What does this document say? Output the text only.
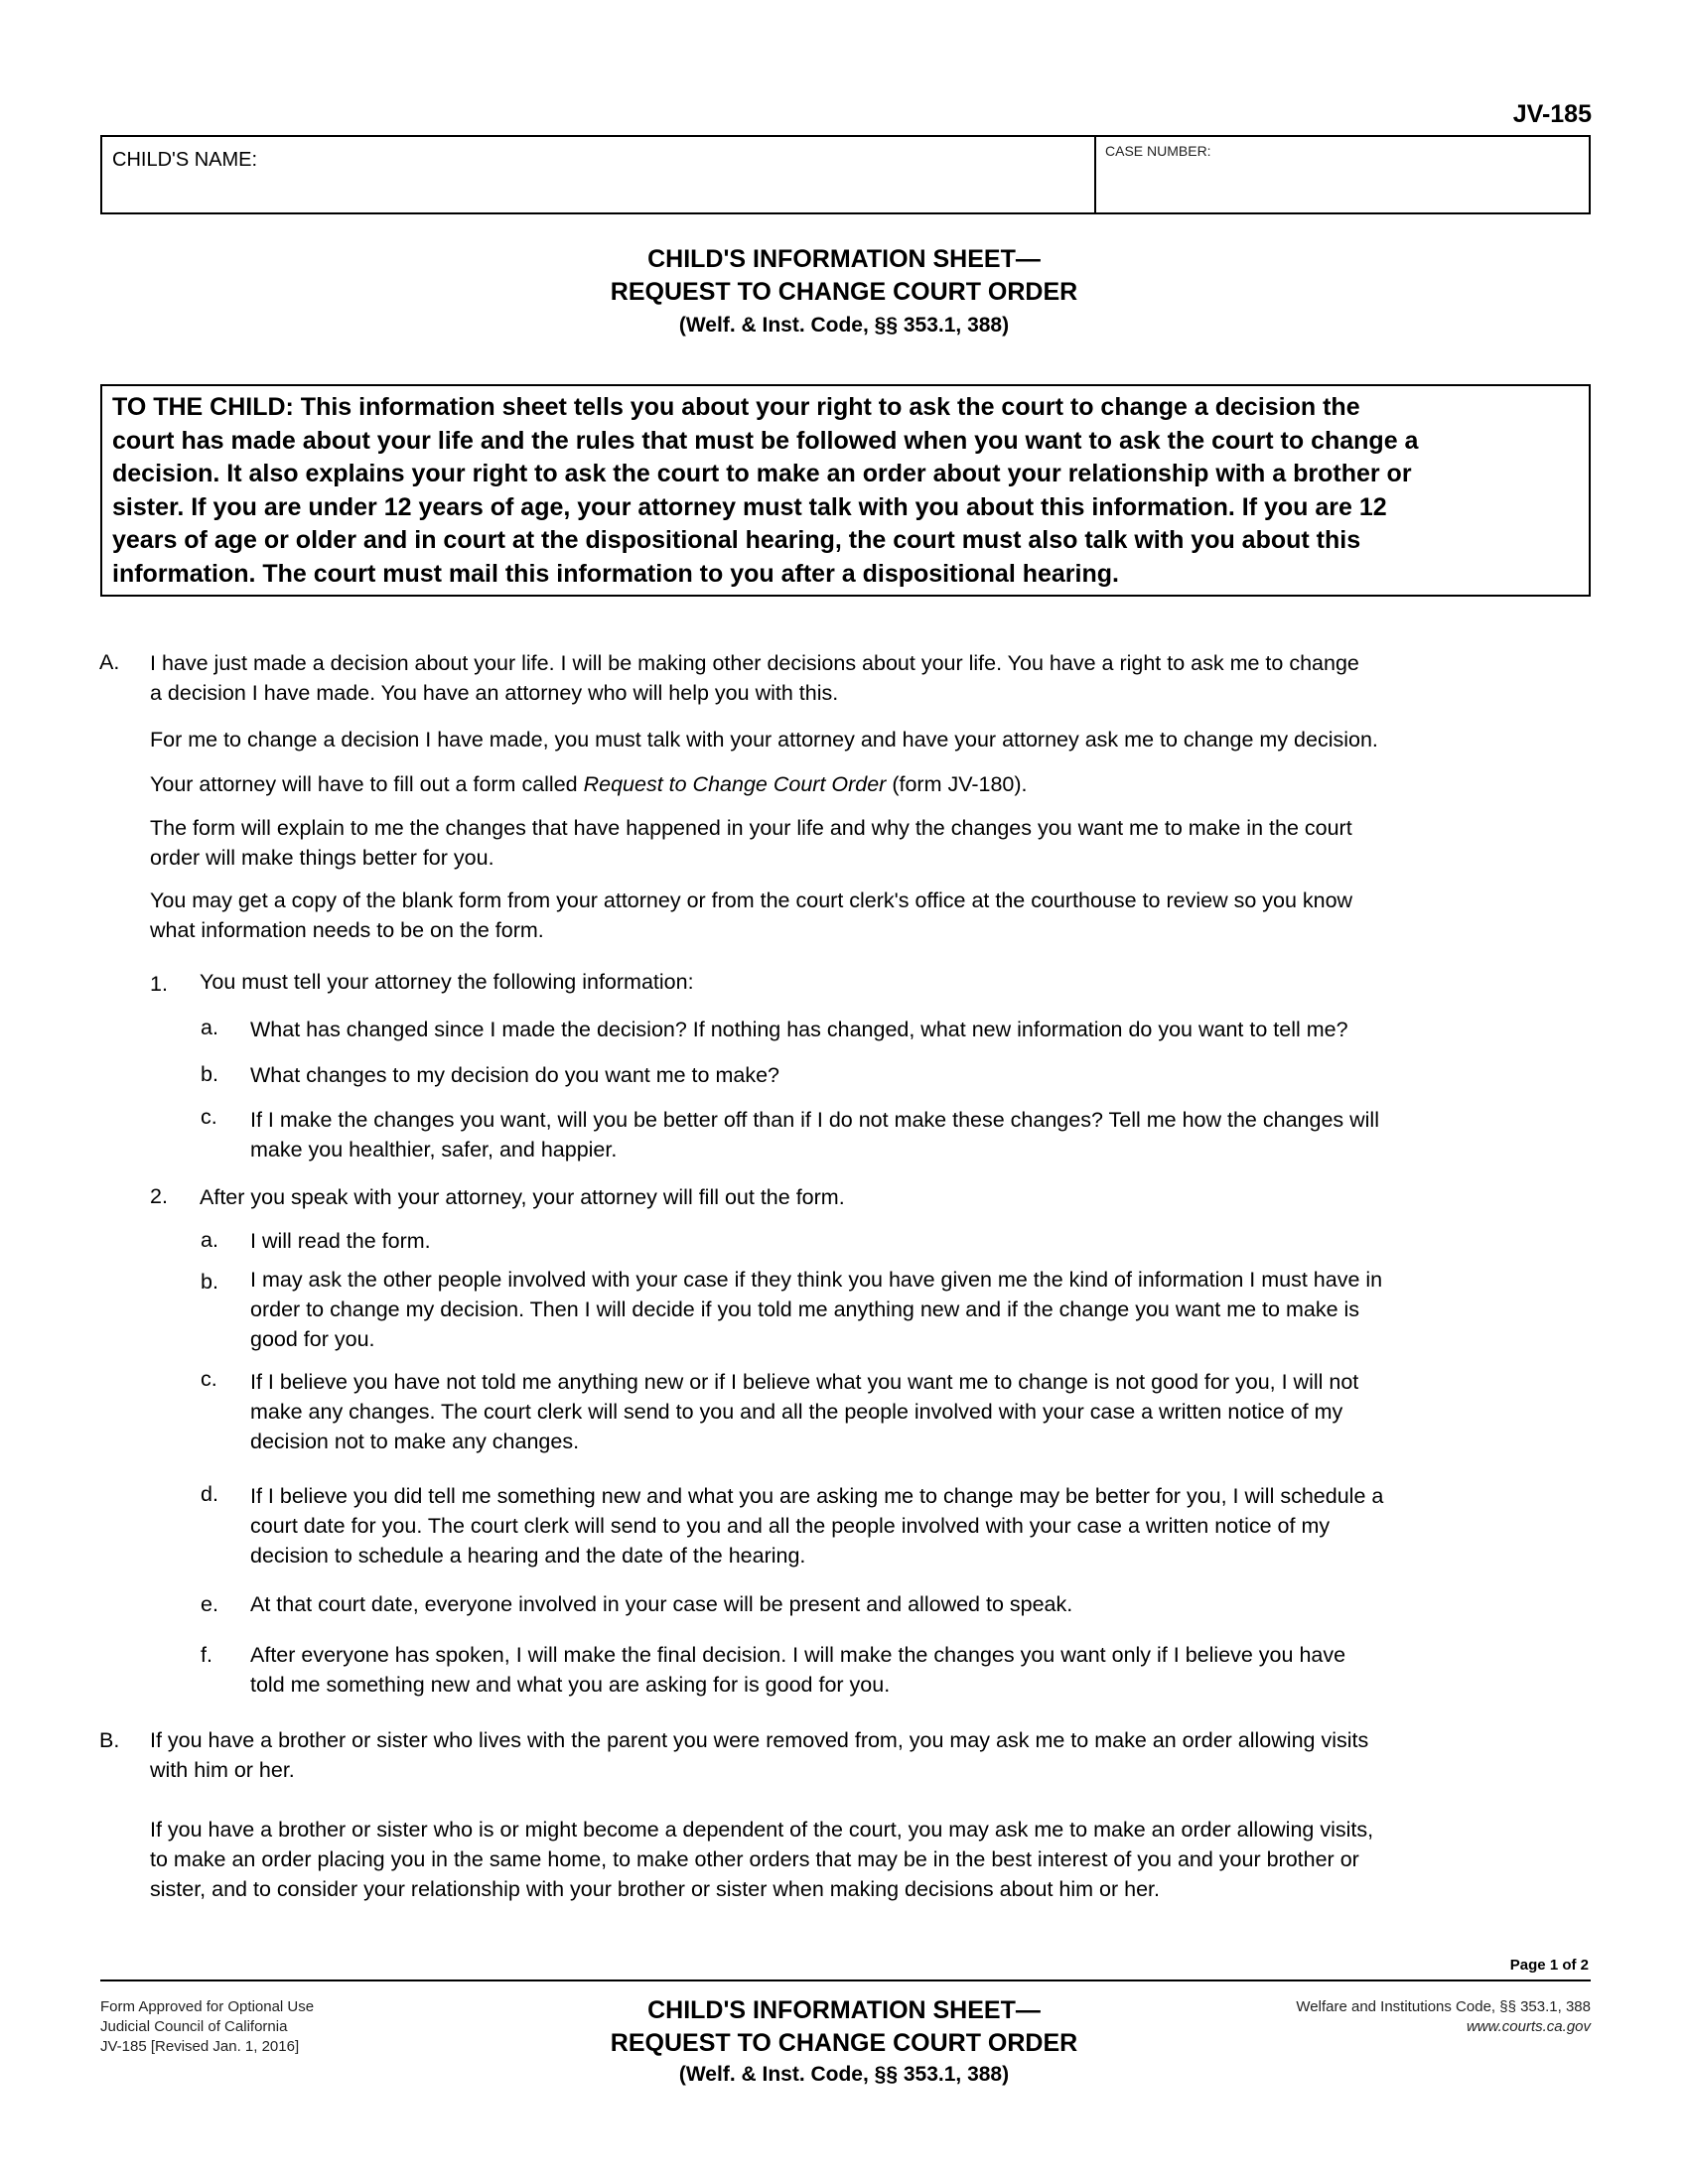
JV-185
CHILD'S NAME:	CASE NUMBER:
CHILD'S INFORMATION SHEET—
REQUEST TO CHANGE COURT ORDER
(Welf. & Inst. Code, §§ 353.1, 388)
TO THE CHILD: This information sheet tells you about your right to ask the court to change a decision the
court has made about your life and the rules that must be followed when you want to ask the court to change a
decision. It also explains your right to ask the court to make an order about your relationship with a brother or
sister. If you are under 12 years of age, your attorney must talk with you about this information. If you are 12
years of age or older and in court at the dispositional hearing, the court must also talk with you about this
information. The court must mail this information to you after a dispositional hearing.
A. I have just made a decision about your life. I will be making other decisions about your life. You have a right to ask me to change
a decision I have made. You have an attorney who will help you with this.
For me to change a decision I have made, you must talk with your attorney and have your attorney ask me to change my decision.
Your attorney will have to fill out a form called Request to Change Court Order (form JV-180).
The form will explain to me the changes that have happened in your life and why the changes you want me to make in the court
order will make things better for you.
You may get a copy of the blank form from your attorney or from the court clerk's office at the courthouse to review so you know
what information needs to be on the form.
1. You must tell your attorney the following information:
a. What has changed since I made the decision? If nothing has changed, what new information do you want to tell me?
b. What changes to my decision do you want me to make?
c. If I make the changes you want, will you be better off than if I do not make these changes? Tell me how the changes will
make you healthier, safer, and happier.
2. After you speak with your attorney, your attorney will fill out the form.
a. I will read the form.
b. I may ask the other people involved with your case if they think you have given me the kind of information I must have in
order to change my decision. Then I will decide if you told me anything new and if the change you want me to make is
good for you.
c. If I believe you have not told me anything new or if I believe what you want me to change is not good for you, I will not
make any changes. The court clerk will send to you and all the people involved with your case a written notice of my
decision not to make any changes.
d. If I believe you did tell me something new and what you are asking me to change may be better for you, I will schedule a
court date for you. The court clerk will send to you and all the people involved with your case a written notice of my
decision to schedule a hearing and the date of the hearing.
e. At that court date, everyone involved in your case will be present and allowed to speak.
f. After everyone has spoken, I will make the final decision. I will make the changes you want only if I believe you have
told me something new and what you are asking for is good for you.
B. If you have a brother or sister who lives with the parent you were removed from, you may ask me to make an order allowing visits
with him or her.
If you have a brother or sister who is or might become a dependent of the court, you may ask me to make an order allowing visits,
to make an order placing you in the same home, to make other orders that may be in the best interest of you and your brother or
sister, and to consider your relationship with your brother or sister when making decisions about him or her.
Page 1 of 2
Form Approved for Optional Use
Judicial Council of California
JV-185 [Revised Jan. 1, 2016]
CHILD'S INFORMATION SHEET—
REQUEST TO CHANGE COURT ORDER
(Welf. & Inst. Code, §§ 353.1, 388)
Welfare and Institutions Code, §§ 353.1, 388
www.courts.ca.gov
